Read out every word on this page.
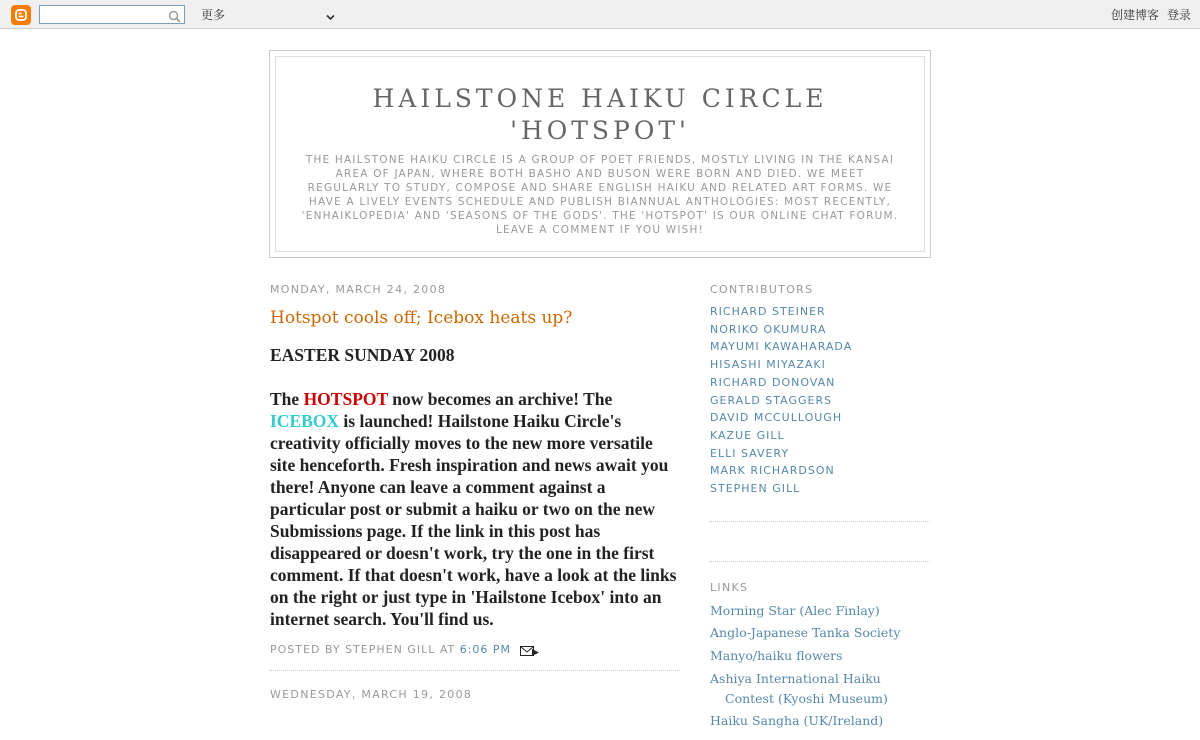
更多	创建博客 登录
HAILSTONE HAIKU CIRCLE
'HOTSPOT'

THE HAILSTONE HAIKU CIRCLE IS A GROUP OF POET FRIENDS, MOSTLY LIVING IN THE KANSAI AREA OF JAPAN, WHERE BOTH BASHO AND BUSON WERE BORN AND DIED. WE MEET REGULARLY TO STUDY, COMPOSE AND SHARE ENGLISH HAIKU AND RELATED ART FORMS. WE HAVE A LIVELY EVENTS SCHEDULE AND PUBLISH BIANNUAL ANTHOLOGIES: MOST RECENTLY, 'ENHAIKLOPEDIA' AND 'SEASONS OF THE GODS'. THE 'HOTSPOT' IS OUR ONLINE CHAT FORUM. LEAVE A COMMENT IF YOU WISH!

MONDAY, MARCH 24, 2008
Hotspot cools off; Icebox heats up?
EASTER SUNDAY 2008
The HOTSPOT now becomes an archive! The ICEBOX is launched! Hailstone Haiku Circle's creativity officially moves to the new more versatile site henceforth. Fresh inspiration and news await you there! Anyone can leave a comment against a particular post or submit a haiku or two on the new Submissions page. If the link in this post has disappeared or doesn't work, try the one in the first comment. If that doesn't work, have a look at the links on the right or just type in 'Hailstone Icebox' into an internet search. You'll find us.
POSTED BY STEPHEN GILL AT 6:06 PM
WEDNESDAY, MARCH 19, 2008
CONTRIBUTORS
RICHARD STEINER
NORIKO OKUMURA
MAYUMI KAWAHARADA
HISASHI MIYAZAKI
RICHARD DONOVAN
GERALD STAGGERS
DAVID MCCULLOUGH
KAZUE GILL
ELLI SAVERY
MARK RICHARDSON
STEPHEN GILL
LINKS
Morning Star (Alec Finlay)
Anglo-Japanese Tanka Society
Manyo/haiku flowers
Ashiya International Haiku Contest (Kyoshi Museum)
Haiku Sangha (UK/Ireland)
